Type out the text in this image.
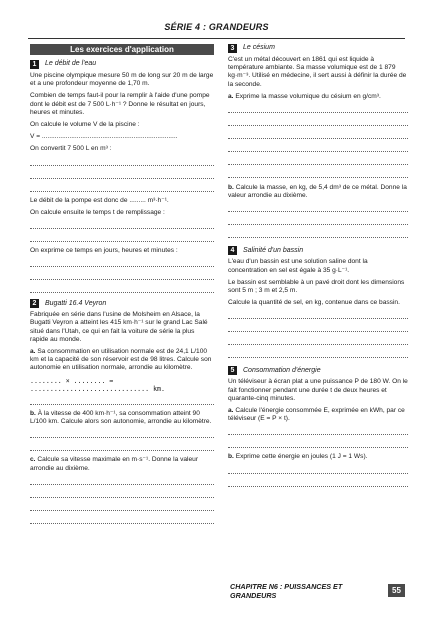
SÉRIE 4 : GRANDEURS
Les exercices d'application
1	Le débit de l'eau

Une piscine olympique mesure 50 m de long sur 20 m de large et a une profondeur moyenne de 1,70 m.

Combien de temps faut-il pour la remplir à l'aide d'une pompe dont le débit est de 7 500 L·h⁻¹ ? Donne le résultat en jours, heures et minutes.

On calcule le volume V de la piscine :

V = ..........................................................................

On convertit 7 500 L en m³ :

Le débit de la pompe est donc de ......... m³·h⁻¹.

On calcule ensuite le temps t de remplissage :

On exprime ce temps en jours, heures et minutes :

2	Bugatti 16.4 Veyron

Fabriquée en série dans l'usine de Molsheim en Alsace, la Bugatti Veyron a atteint les 415 km·h⁻¹ sur le grand Lac Salé situé dans l'Utah, ce qui en fait la voiture de série la plus rapide au monde.

a. Sa consommation en utilisation normale est de 24,1 L/100 km et la capacité de son réservoir est de 98 litres. Calcule son autonomie en utilisation normale, arrondie au kilomètre.

........ × ........ ≈ .............................. km.

b. À la vitesse de 400 km·h⁻¹, sa consommation atteint 90 L/100 km. Calcule alors son autonomie, arrondie au kilomètre.

c. Calcule sa vitesse maximale en m·s⁻¹. Donne la valeur arrondie au dixième.

3	Le césium

C'est un métal découvert en 1861 qui est liquide à température ambiante. Sa masse volumique est de 1 879 kg·m⁻³. Utilisé en médecine, il sert aussi à définir la durée de la seconde.

a. Exprime la masse volumique du césium en g/cm³.

b. Calcule la masse, en kg, de 5,4 dm³ de ce métal. Donne la valeur arrondie au dixième.

4	Salinité d'un bassin

L'eau d'un bassin est une solution saline dont la concentration en sel est égale à 35 g·L⁻¹.

Le bassin est semblable à un pavé droit dont les dimensions sont 5 m ; 3 m et 2,5 m.

Calcule la quantité de sel, en kg, contenue dans ce bassin.

5	Consommation d'énergie

Un téléviseur à écran plat a une puissance P de 180 W. On le fait fonctionner pendant une durée t de deux heures et quarante-cinq minutes.

a. Calcule l'énergie consommée E, exprimée en kWh, par ce téléviseur (E = P × t).

b. Exprime cette énergie en joules (1 J = 1 Ws).

CHAPITRE N6 : PUISSANCES ET GRANDEURS	55
